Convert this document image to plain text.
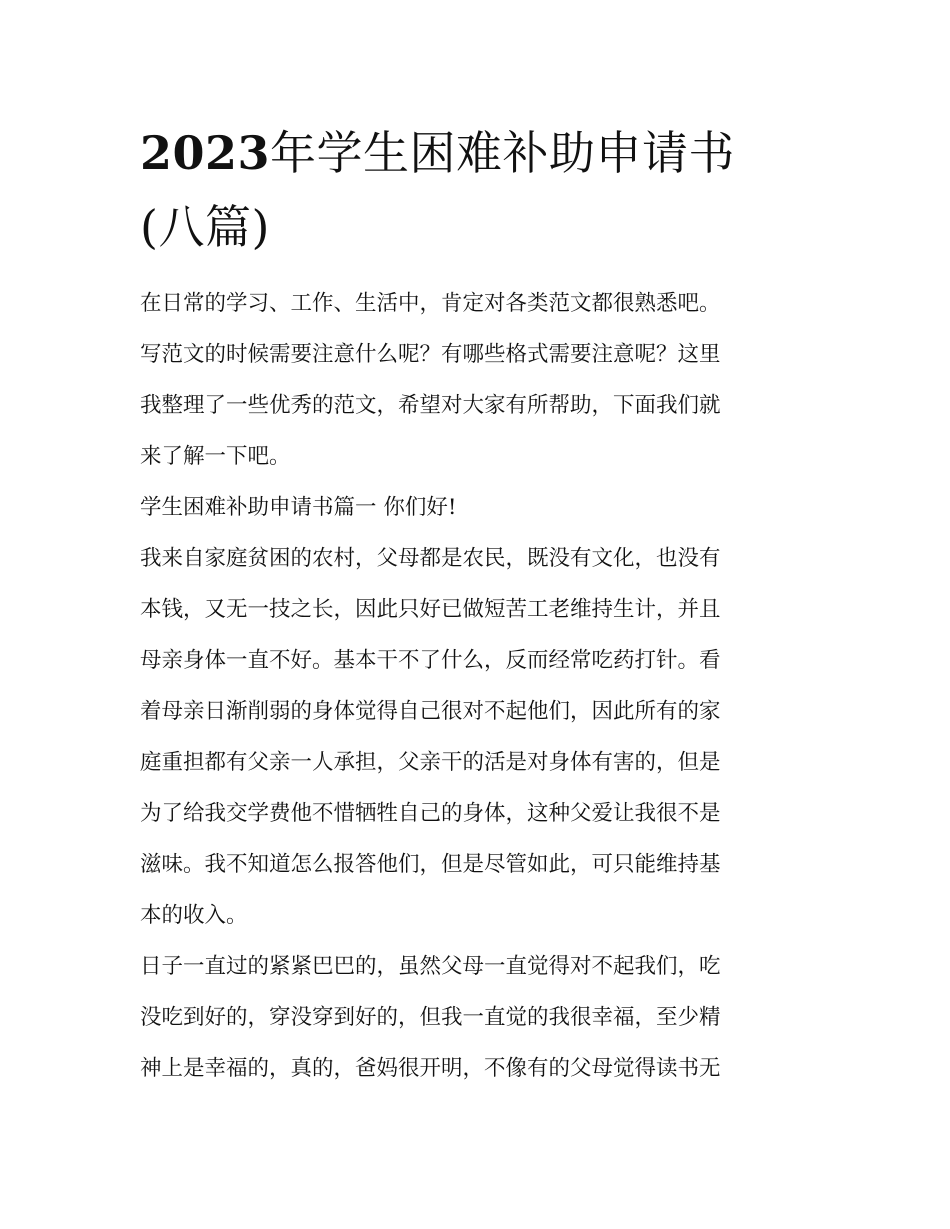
2023年学生困难补助申请书
(八篇)
在日常的学习、工作、生活中，肯定对各类范文都很熟悉吧。
写范文的时候需要注意什么呢？有哪些格式需要注意呢？这里
我整理了一些优秀的范文，希望对大家有所帮助，下面我们就
来了解一下吧。
学生困难补助申请书篇一 你们好!
我来自家庭贫困的农村，父母都是农民，既没有文化，也没有
本钱，又无一技之长，因此只好已做短苦工老维持生计，并且
母亲身体一直不好。基本干不了什么，反而经常吃药打针。看
着母亲日渐削弱的身体觉得自己很对不起他们，因此所有的家
庭重担都有父亲一人承担，父亲干的活是对身体有害的，但是
为了给我交学费他不惜牺牲自己的身体，这种父爱让我很不是
滋味。我不知道怎么报答他们，但是尽管如此，可只能维持基
本的收入。
日子一直过的紧紧巴巴的，虽然父母一直觉得对不起我们，吃
没吃到好的，穿没穿到好的，但我一直觉的我很幸福，至少精
神上是幸福的，真的，爸妈很开明，不像有的父母觉得读书无
